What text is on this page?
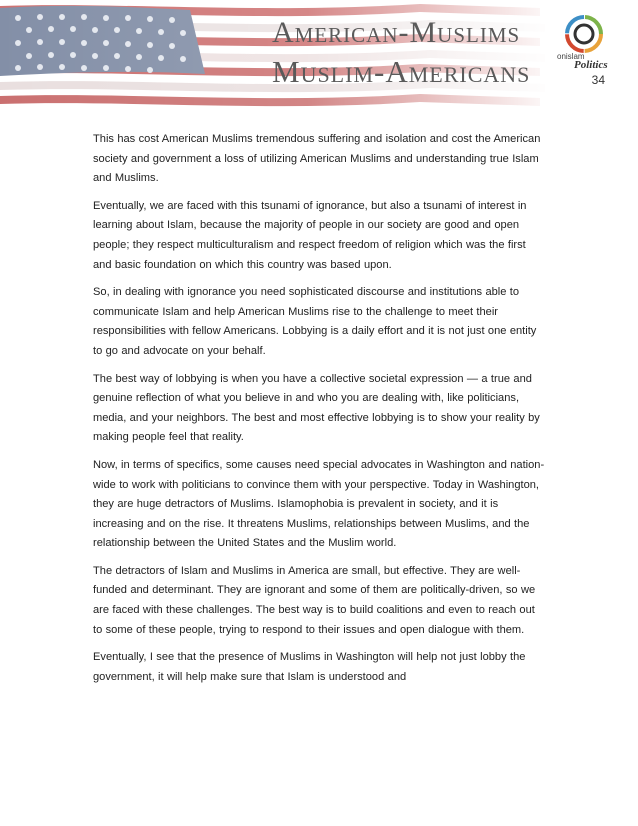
American-Muslims
Muslim-Americans	onislam
Politics
34

This has cost American Muslims tremendous suffering and isolation and cost the American society and government a loss of utilizing American Muslims and understanding true Islam and Muslims.

Eventually, we are faced with this tsunami of ignorance, but also a tsunami of interest in learning about Islam, because the majority of people in our society are good and open people; they respect multiculturalism and respect freedom of religion which was the first and basic foundation on which this country was based upon.

So, in dealing with ignorance you need sophisticated discourse and institutions able to communicate Islam and help American Muslims rise to the challenge to meet their responsibilities with fellow Americans. Lobbying is a daily effort and it is not just one entity to go and advocate on your behalf.

The best way of lobbying is when you have a collective societal expression — a true and genuine reflection of what you believe in and who you are dealing with, like politicians, media, and your neighbors. The best and most effective lobbying is to show your reality by making people feel that reality.

Now, in terms of specifics, some causes need special advocates in Washington and nation-wide to work with politicians to convince them with your perspective. Today in Washington, they are huge detractors of Muslims. Islamophobia is prevalent in society, and it is increasing and on the rise. It threatens Muslims, relationships between Muslims, and the relationship between the United States and the Muslim world.

The detractors of Islam and Muslims in America are small, but effective. They are well-funded and determinant. They are ignorant and some of them are politically-driven, so we are faced with these challenges. The best way is to build coalitions and even to reach out to some of these people, trying to respond to their issues and open dialogue with them.

Eventually, I see that the presence of Muslims in Washington will help not just lobby the government, it will help make sure that Islam is understood and
